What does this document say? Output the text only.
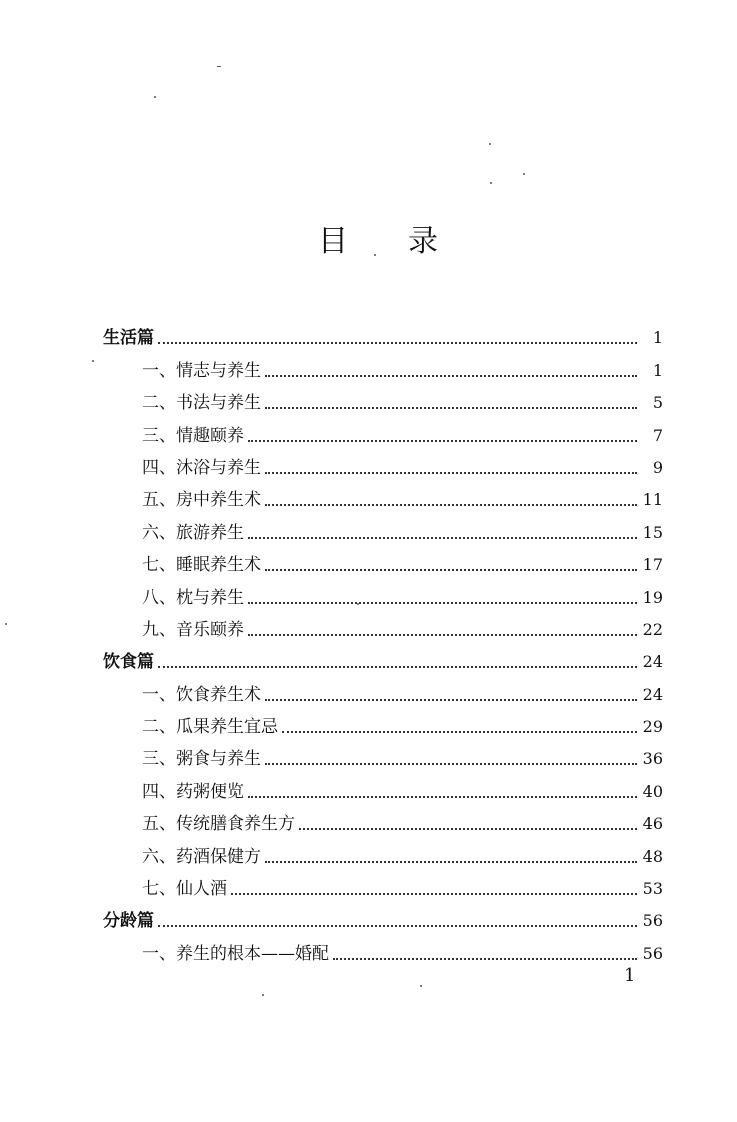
目 录
生活篇	1
一、情志与养生	1
二、书法与养生	5
三、情趣颐养	7
四、沐浴与养生	9
五、房中养生术	11
六、旅游养生	15
七、睡眠养生术	17
八、枕与养生	19
九、音乐颐养	22
饮食篇	24
一、饮食养生术	24
二、瓜果养生宜忌	29
三、粥食与养生	36
四、药粥便览	40
五、传统膳食养生方	46
六、药酒保健方	48
七、仙人酒	53
分龄篇	56
一、养生的根本——婚配	56
1
